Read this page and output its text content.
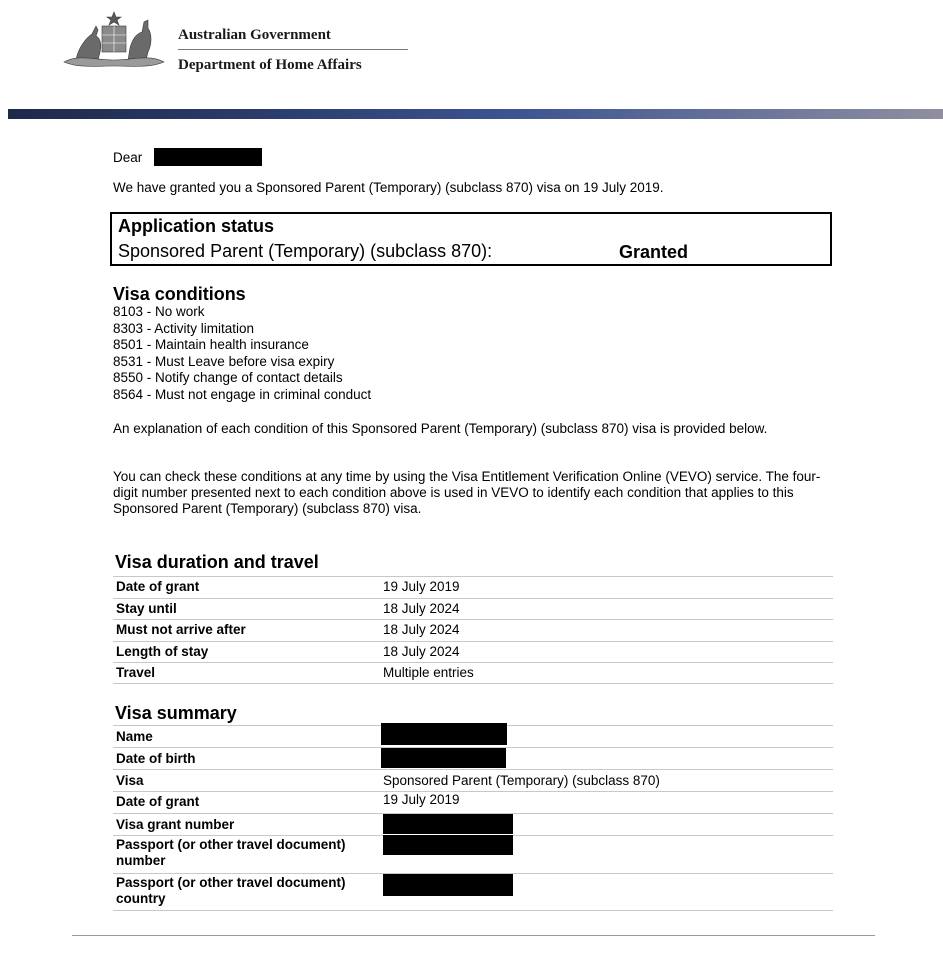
Australian Government
Department of Home Affairs
Dear
We have granted you a Sponsored Parent (Temporary) (subclass 870) visa on 19 July 2019.
Application status
Sponsored Parent (Temporary) (subclass 870):	Granted
Visa conditions
8103 - No work
8303 - Activity limitation
8501 - Maintain health insurance
8531 - Must Leave before visa expiry
8550 - Notify change of contact details
8564 - Must not engage in criminal conduct
An explanation of each condition of this Sponsored Parent (Temporary) (subclass 870) visa is provided below.
You can check these conditions at any time by using the Visa Entitlement Verification Online (VEVO) service. The four-digit number presented next to each condition above is used in VEVO to identify each condition that applies to this Sponsored Parent (Temporary) (subclass 870) visa.
Visa duration and travel
Date of grant	19 July 2019
Stay until	18 July 2024
Must not arrive after	18 July 2024
Length of stay	18 July 2024
Travel	Multiple entries
Visa summary
Name
Date of birth
Visa	Sponsored Parent (Temporary) (subclass 870)
Date of grant	19 July 2019
Visa grant number
Passport (or other travel document) number
Passport (or other travel document) country
